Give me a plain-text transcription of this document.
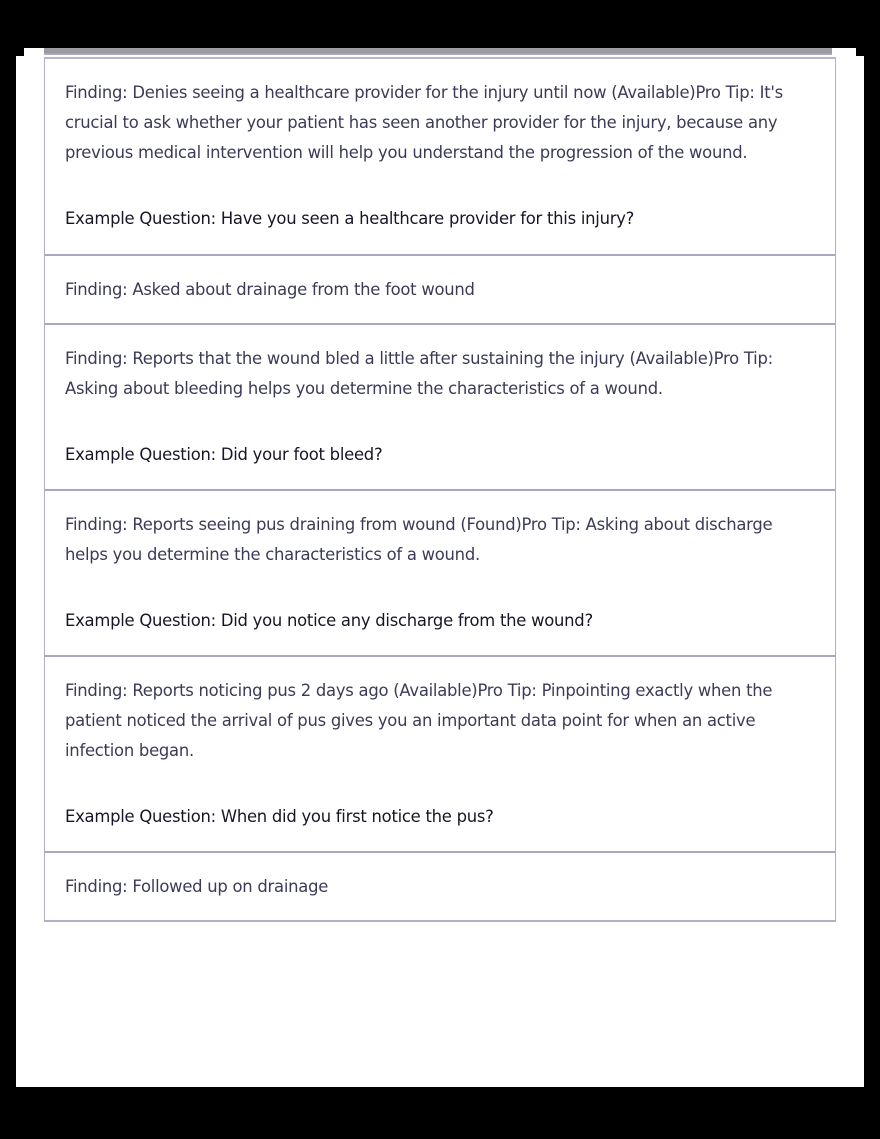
Finding: Denies seeing a healthcare provider for the injury until now (Available)Pro Tip: It's crucial to ask whether your patient has seen another provider for the injury, because any previous medical intervention will help you understand the progression of the wound.

Example Question: Have you seen a healthcare provider for this injury?

Finding: Asked about drainage from the foot wound

Finding: Reports that the wound bled a little after sustaining the injury (Available)Pro Tip: Asking about bleeding helps you determine the characteristics of a wound.

Example Question: Did your foot bleed?

Finding: Reports seeing pus draining from wound (Found)Pro Tip: Asking about discharge helps you determine the characteristics of a wound.

Example Question: Did you notice any discharge from the wound?

Finding: Reports noticing pus 2 days ago (Available)Pro Tip: Pinpointing exactly when the patient noticed the arrival of pus gives you an important data point for when an active infection began.

Example Question: When did you first notice the pus?

Finding: Followed up on drainage
